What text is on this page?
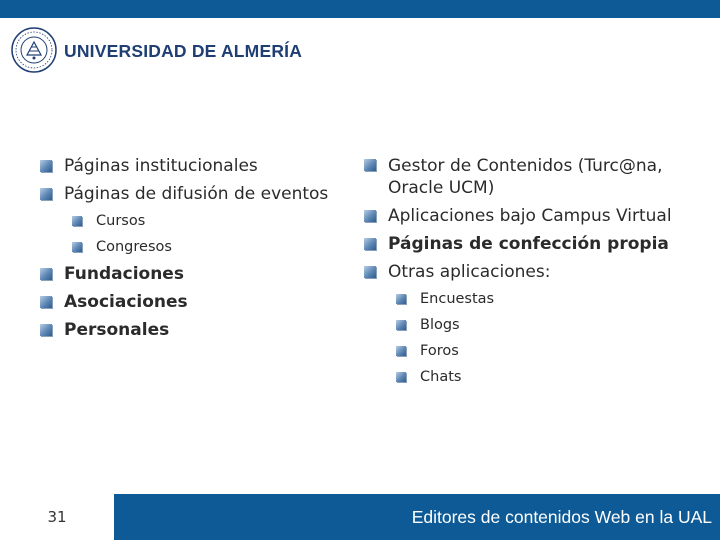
UNIVERSIDAD DE ALMERÍA
Páginas institucionales
Páginas de difusión de eventos
Cursos
Congresos
Fundaciones
Asociaciones
Personales
Gestor de Contenidos (Turc@na, Oracle UCM)
Aplicaciones bajo Campus Virtual
Páginas de confección propia
Otras aplicaciones:
Encuestas
Blogs
Foros
Chats
31	Editores de contenidos Web en la UAL
